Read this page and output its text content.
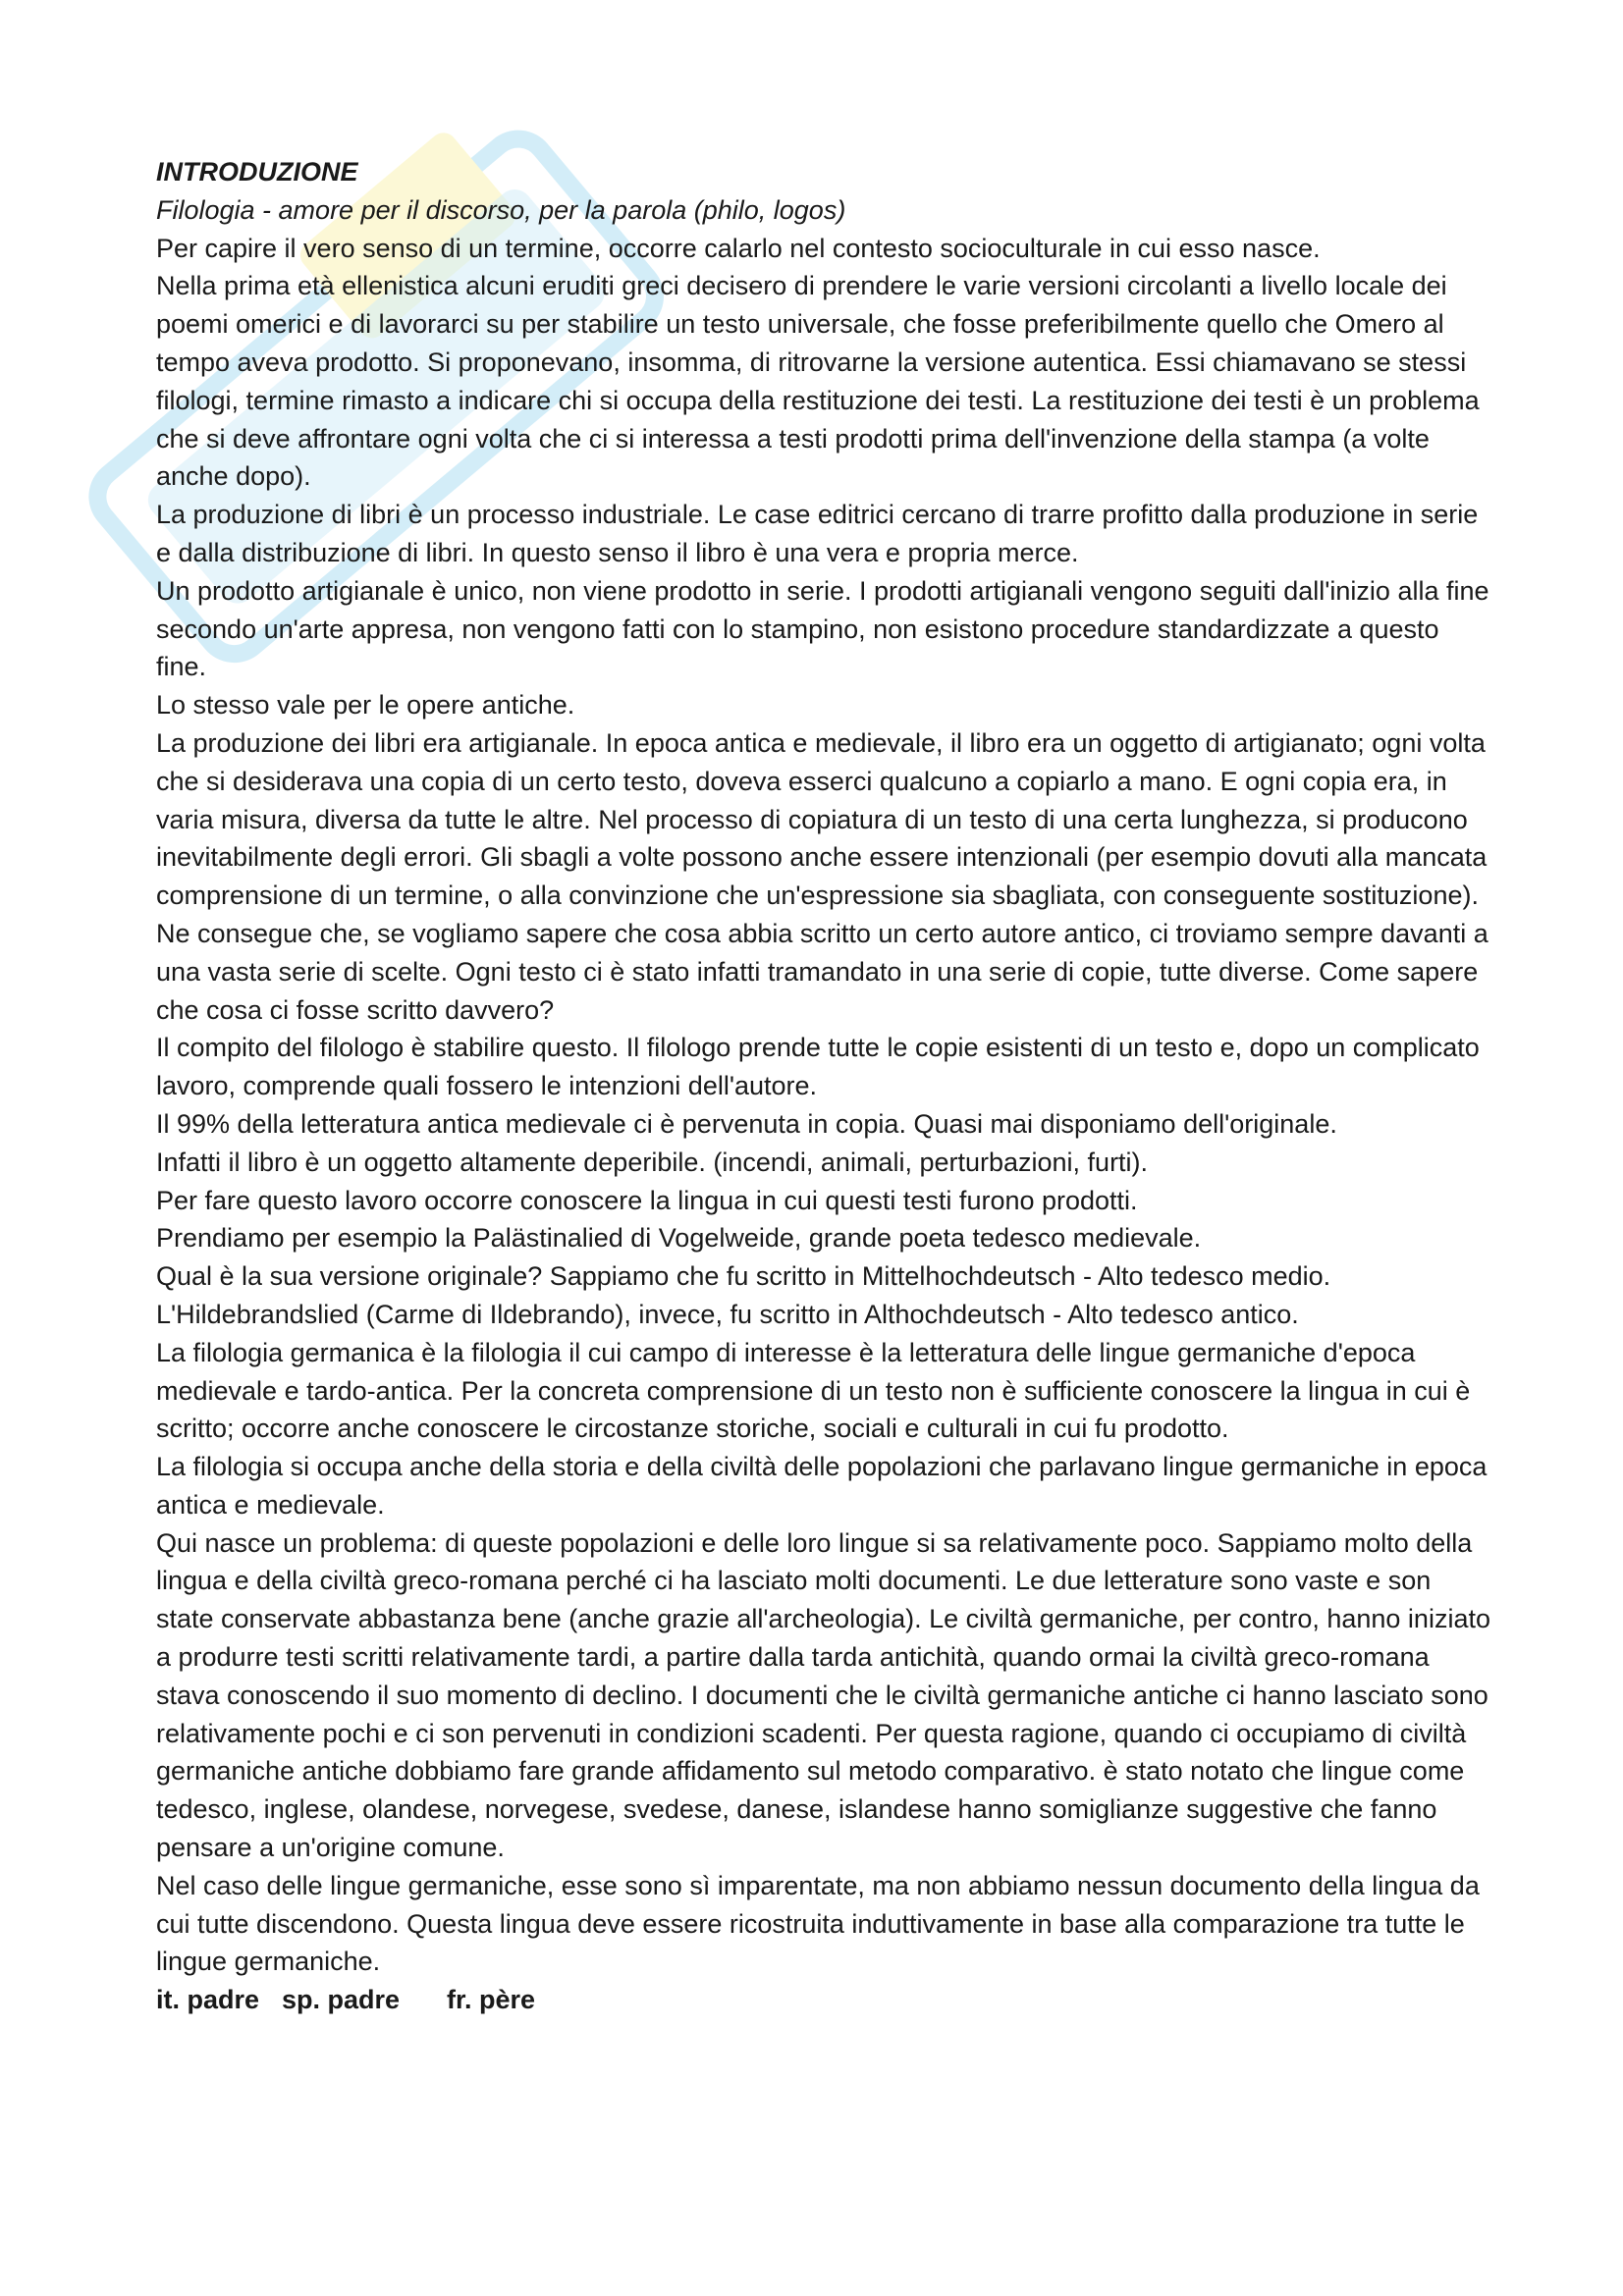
INTRODUZIONE

Filologia - amore per il discorso, per la parola (philo, logos)

Per capire il vero senso di un termine, occorre calarlo nel contesto socioculturale in cui esso nasce.

Nella prima età ellenistica alcuni eruditi greci decisero di prendere le varie versioni circolanti a livello locale dei poemi omerici e di lavorarci su per stabilire un testo universale, che fosse preferibilmente quello che Omero al tempo aveva prodotto. Si proponevano, insomma, di ritrovarne la versione autentica. Essi chiamavano se stessi filologi, termine rimasto a indicare chi si occupa della restituzione dei testi. La restituzione dei testi è un problema che si deve affrontare ogni volta che ci si interessa a testi prodotti prima dell'invenzione della stampa (a volte anche dopo).

La produzione di libri è un processo industriale. Le case editrici cercano di trarre profitto dalla produzione in serie e dalla distribuzione di libri. In questo senso il libro è una vera e propria merce.

Un prodotto artigianale è unico, non viene prodotto in serie. I prodotti artigianali vengono seguiti dall'inizio alla fine secondo un'arte appresa, non vengono fatti con lo stampino, non esistono procedure standardizzate a questo fine.

Lo stesso vale per le opere antiche.

La produzione dei libri era artigianale. In epoca antica e medievale, il libro era un oggetto di artigianato; ogni volta che si desiderava una copia di un certo testo, doveva esserci qualcuno a copiarlo a mano. E ogni copia era, in varia misura, diversa da tutte le altre. Nel processo di copiatura di un testo di una certa lunghezza, si producono inevitabilmente degli errori. Gli sbagli a volte possono anche essere intenzionali (per esempio dovuti alla mancata comprensione di un termine, o alla convinzione che un'espressione sia sbagliata, con conseguente sostituzione).

Ne consegue che, se vogliamo sapere che cosa abbia scritto un certo autore antico, ci troviamo sempre davanti a una vasta serie di scelte. Ogni testo ci è stato infatti tramandato in una serie di copie, tutte diverse. Come sapere che cosa ci fosse scritto davvero?

Il compito del filologo è stabilire questo. Il filologo prende tutte le copie esistenti di un testo e, dopo un complicato lavoro, comprende quali fossero le intenzioni dell'autore.

Il 99% della letteratura antica medievale ci è pervenuta in copia. Quasi mai disponiamo dell'originale.

Infatti il libro è un oggetto altamente deperibile. (incendi, animali, perturbazioni, furti).

Per fare questo lavoro occorre conoscere la lingua in cui questi testi furono prodotti.

Prendiamo per esempio la Palästinalied di Vogelweide, grande poeta tedesco medievale.

Qual è la sua versione originale? Sappiamo che fu scritto in Mittelhochdeutsch - Alto tedesco medio.

L'Hildebrandslied (Carme di Ildebrando), invece, fu scritto in Althochdeutsch - Alto tedesco antico.

La filologia germanica è la filologia il cui campo di interesse è la letteratura delle lingue germaniche d'epoca medievale e tardo-antica. Per la concreta comprensione di un testo non è sufficiente conoscere la lingua in cui è scritto; occorre anche conoscere le circostanze storiche, sociali e culturali in cui fu prodotto.

La filologia si occupa anche della storia e della civiltà delle popolazioni che parlavano lingue germaniche in epoca antica e medievale.

Qui nasce un problema: di queste popolazioni e delle loro lingue si sa relativamente poco. Sappiamo molto della lingua e della civiltà greco-romana perché ci ha lasciato molti documenti. Le due letterature sono vaste e son state conservate abbastanza bene (anche grazie all'archeologia). Le civiltà germaniche, per contro, hanno iniziato a produrre testi scritti relativamente tardi, a partire dalla tarda antichità, quando ormai la civiltà greco-romana stava conoscendo il suo momento di declino. I documenti che le civiltà germaniche antiche ci hanno lasciato sono relativamente pochi e ci son pervenuti in condizioni scadenti. Per questa ragione, quando ci occupiamo di civiltà germaniche antiche dobbiamo fare grande affidamento sul metodo comparativo. è stato notato che lingue come tedesco, inglese, olandese, norvegese, svedese, danese, islandese hanno somiglianze suggestive che fanno pensare a un'origine comune.

Nel caso delle lingue germaniche, esse sono sì imparentate, ma non abbiamo nessun documento della lingua da cui tutte discendono. Questa lingua deve essere ricostruita induttivamente in base alla comparazione tra tutte le lingue germaniche.

it. padre sp. padre fr. père
